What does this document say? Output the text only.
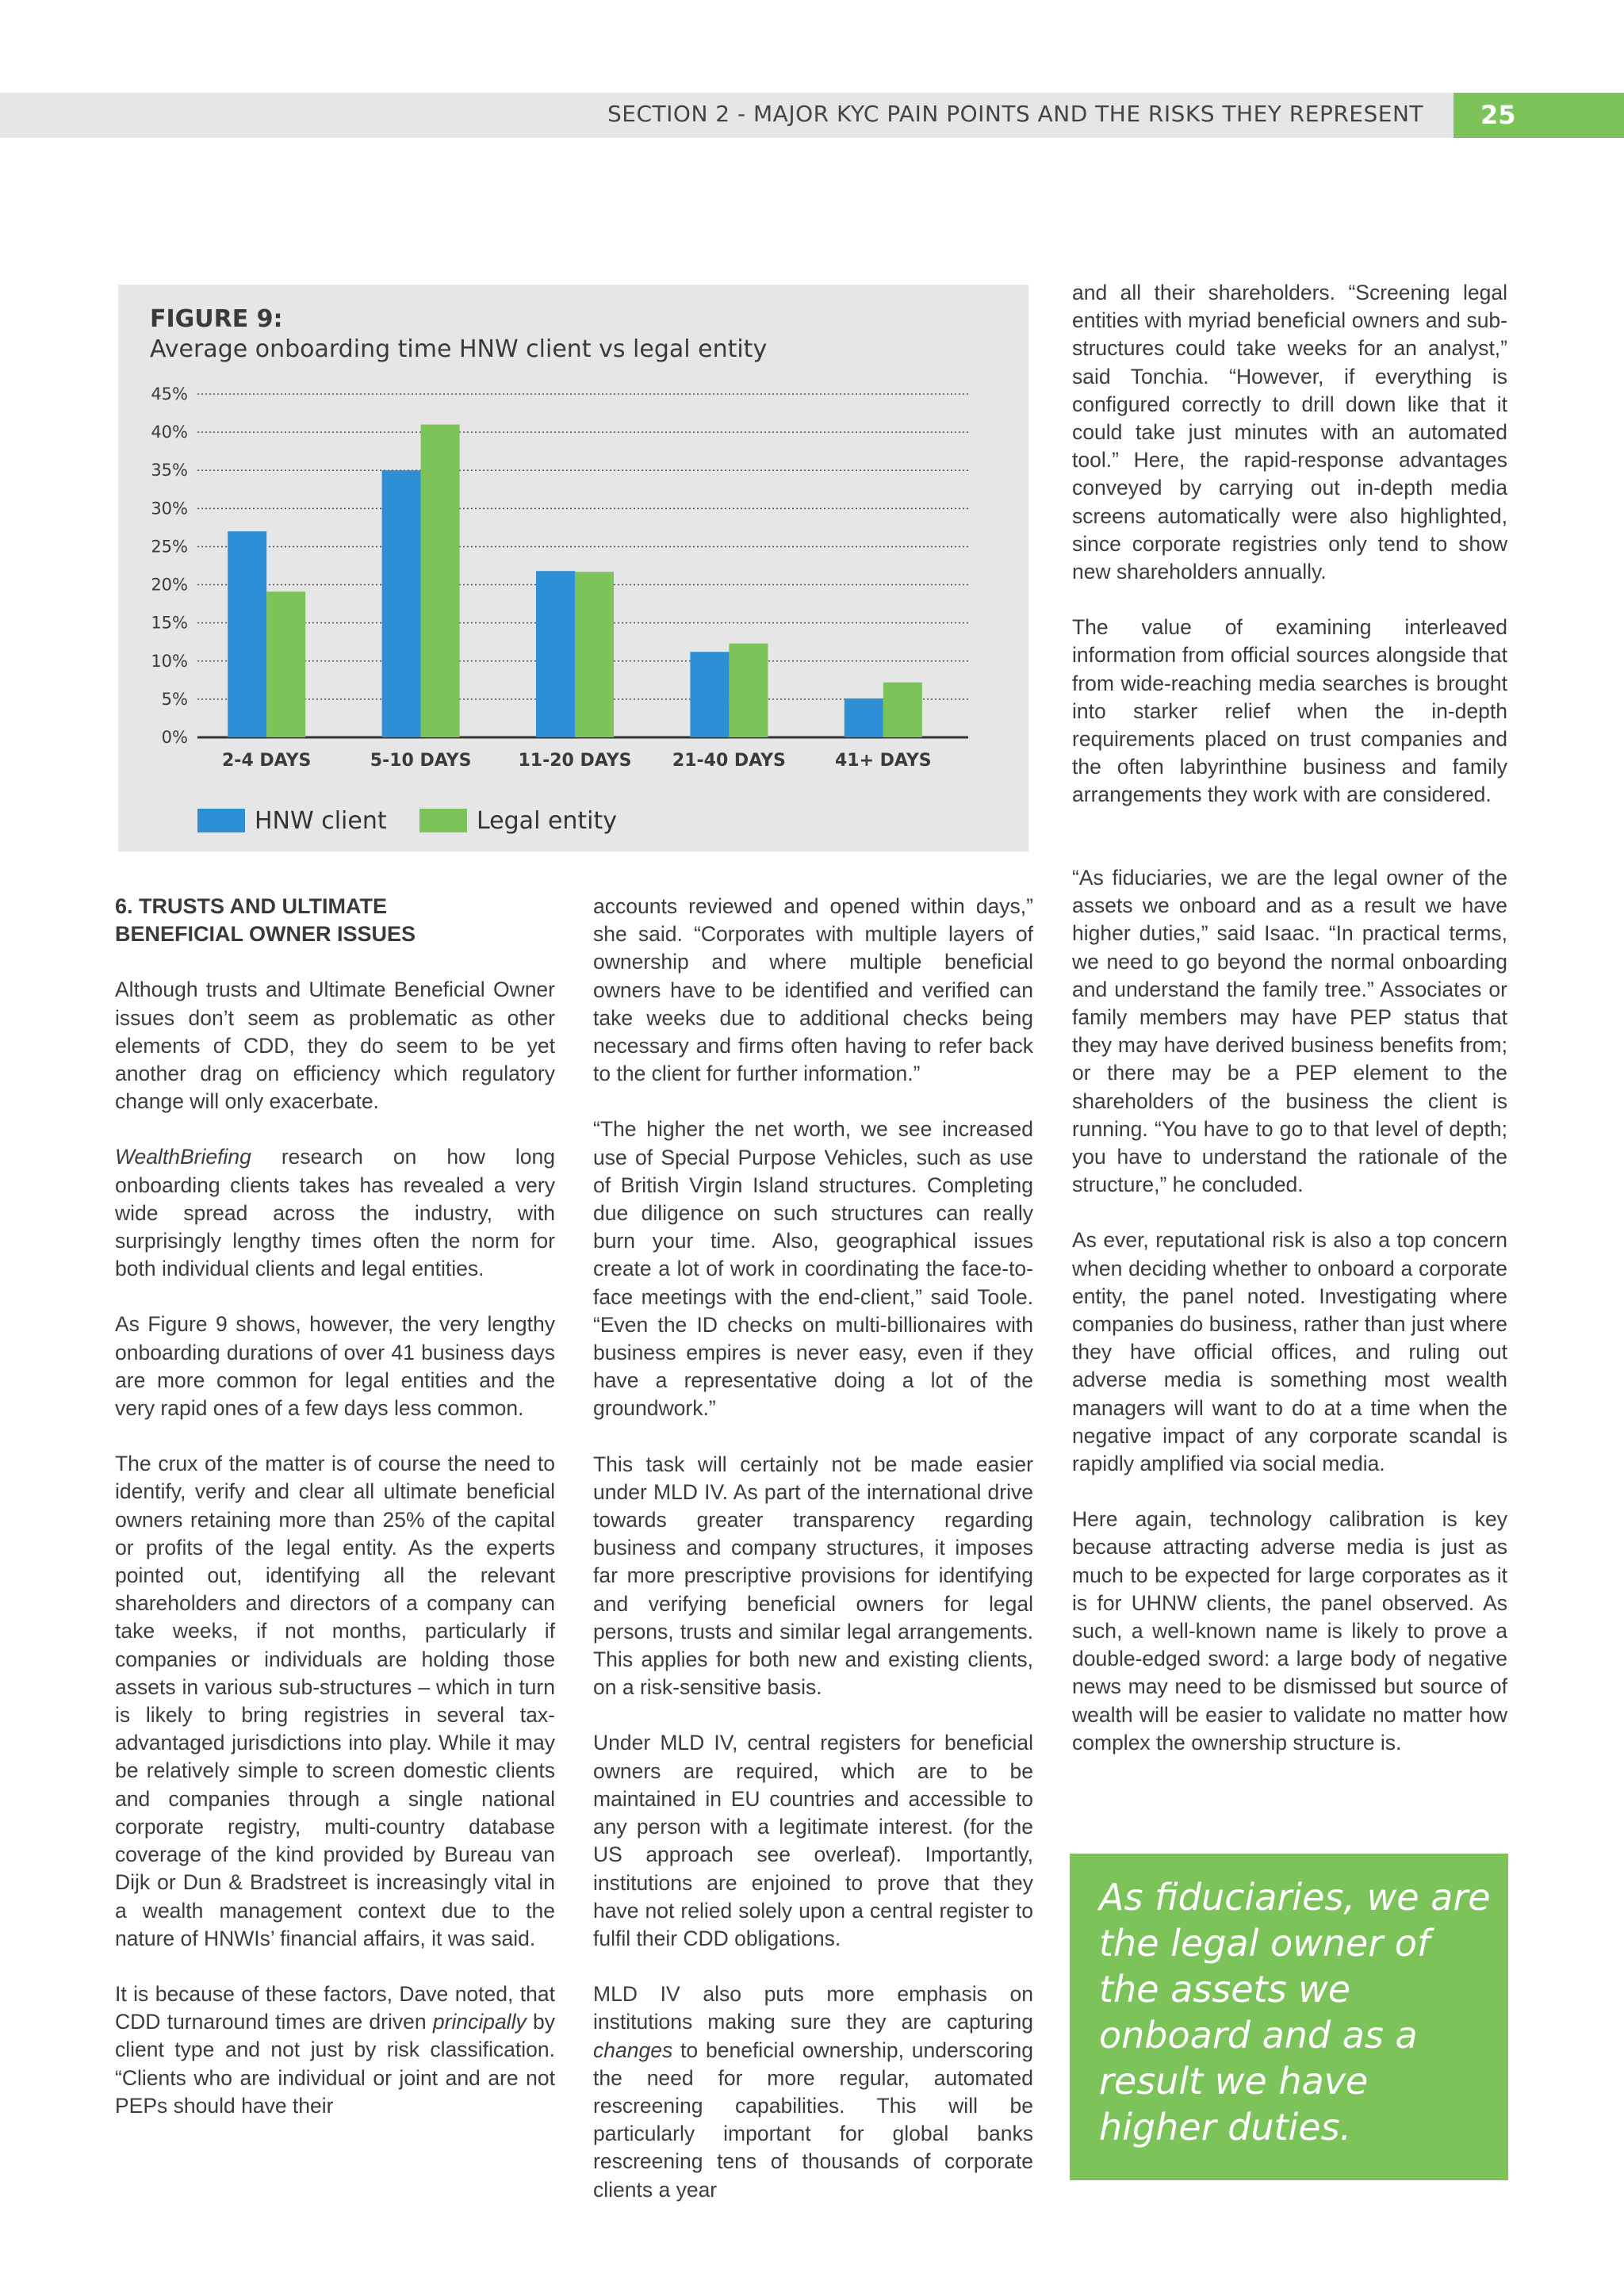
SECTION 2 - MAJOR KYC PAIN POINTS AND THE RISKS THEY REPRESENT 25
FIGURE 9:
Average onboarding time HNW client vs legal entity
0%
5%
10%
15%
20%
25%
30%
35%
40%
45%
2-4 DAYS	5-10 DAYS	11-20 DAYS 21-40 DAYS	41+ DAYS
HNW client	Legal entity

6. TRUSTS AND ULTIMATE
BENEFICIAL OWNER ISSUES

Although trusts and Ultimate Beneficial Owner issues don’t seem as problematic as other elements of CDD, they do seem to be yet another drag on efficiency which regulatory change will only exacerbate.

WealthBriefing research on how long onboarding clients takes has revealed a very wide spread across the industry, with surprisingly lengthy times often the norm for both individual clients and legal entities.

As Figure 9 shows, however, the very lengthy onboarding durations of over 41 business days are more common for legal entities and the very rapid ones of a few days less common.

The crux of the matter is of course the need to identify, verify and clear all ultimate beneficial owners retaining more than 25% of the capital or profits of the legal entity. As the experts pointed out, identifying all the relevant shareholders and directors of a company can take weeks, if not months, particularly if companies or individuals are holding those assets in various sub-structures – which in turn is likely to bring registries in several tax-advantaged jurisdictions into play. While it may be relatively simple to screen domestic clients and companies through a single national corporate registry, multi-country database coverage of the kind provided by Bureau van Dijk or Dun & Bradstreet is increasingly vital in a wealth management context due to the nature of HNWIs’ financial affairs, it was said.

It is because of these factors, Dave noted, that CDD turnaround times are driven principally by client type and not just by risk classification. “Clients who are individual or joint and are not PEPs should have their

accounts reviewed and opened within days,” she said. “Corporates with multiple layers of ownership and where multiple beneficial owners have to be identified and verified can take weeks due to additional checks being necessary and firms often having to refer back to the client for further information.”

“The higher the net worth, we see increased use of Special Purpose Vehicles, such as use of British Virgin Island structures. Completing due diligence on such structures can really burn your time. Also, geographical issues create a lot of work in coordinating the face-to-face meetings with the end-client,” said Toole. “Even the ID checks on multi-billionaires with business empires is never easy, even if they have a representative doing a lot of the groundwork.”

This task will certainly not be made easier under MLD IV. As part of the international drive towards greater transparency regarding business and company structures, it imposes far more prescriptive provisions for identifying and verifying beneficial owners for legal persons, trusts and similar legal arrangements. This applies for both new and existing clients, on a risk-sensitive basis.

Under MLD IV, central registers for beneficial owners are required, which are to be maintained in EU countries and accessible to any person with a legitimate interest. (for the US approach see overleaf). Importantly, institutions are enjoined to prove that they have not relied solely upon a central register to fulfil their CDD obligations.

MLD IV also puts more emphasis on institutions making sure they are capturing changes to beneficial ownership, underscoring the need for more regular, automated rescreening capabilities. This will be particularly important for global banks rescreening tens of thousands of corporate clients a year

and all their shareholders. “Screening legal entities with myriad beneficial owners and sub-structures could take weeks for an analyst,” said Tonchia. “However, if everything is configured correctly to drill down like that it could take just minutes with an automated tool.” Here, the rapid-response advantages conveyed by carrying out in-depth media screens automatically were also highlighted, since corporate registries only tend to show new shareholders annually.

The value of examining interleaved information from official sources alongside that from wide-reaching media searches is brought into starker relief when the in-depth requirements placed on trust companies and the often labyrinthine business and family arrangements they work with are considered.

“As fiduciaries, we are the legal owner of the assets we onboard and as a result we have higher duties,” said Isaac. “In practical terms, we need to go beyond the normal onboarding and understand the family tree.” Associates or family members may have PEP status that they may have derived business benefits from; or there may be a PEP element to the shareholders of the business the client is running. “You have to go to that level of depth; you have to understand the rationale of the structure,” he concluded.

As ever, reputational risk is also a top concern when deciding whether to onboard a corporate entity, the panel noted. Investigating where companies do business, rather than just where they have official offices, and ruling out adverse media is something most wealth managers will want to do at a time when the negative impact of any corporate scandal is rapidly amplified via social media.

Here again, technology calibration is key because attracting adverse media is just as much to be expected for large corporates as it is for UHNW clients, the panel observed. As such, a well-known name is likely to prove a double-edged sword: a large body of negative news may need to be dismissed but source of wealth will be easier to validate no matter how complex the ownership structure is.

As fiduciaries, we are the legal owner of the assets we onboard and as a result we have higher duties.
